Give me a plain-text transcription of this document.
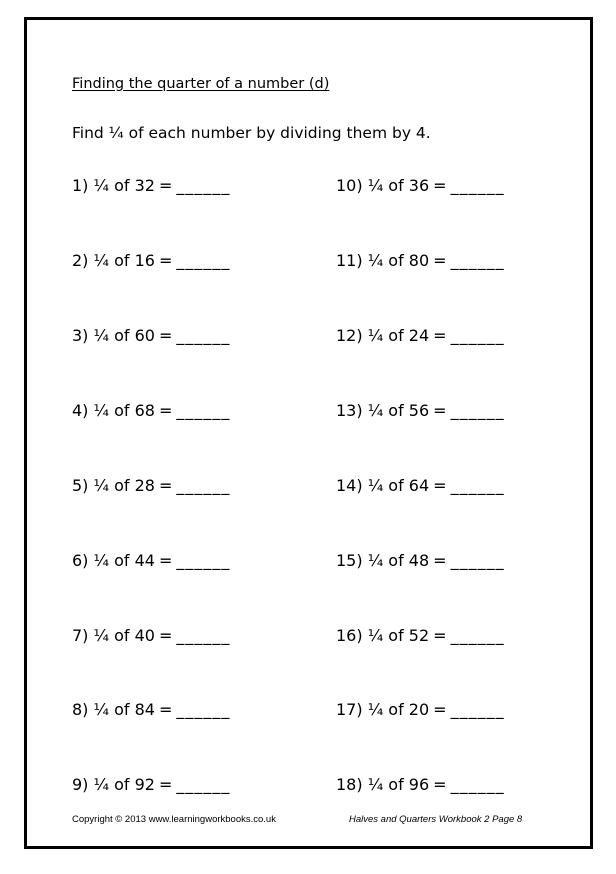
Finding the quarter of a number (d)
Find ¼ of each number by dividing them by 4.
1) ¼ of 32 = ______
2) ¼ of 16 = ______
3) ¼ of 60 = ______
4) ¼ of 68 = ______
5) ¼ of 28 = ______
6) ¼ of 44 = ______
7) ¼ of 40 = ______
8) ¼ of 84 = ______
9) ¼ of 92 = ______
10) ¼ of 36 = ______
11) ¼ of 80 = ______
12) ¼ of 24 = ______
13) ¼ of 56 = ______
14) ¼ of 64 = ______
15) ¼ of 48 = ______
16) ¼ of 52 = ______
17) ¼ of 20 = ______
18) ¼ of 96 = ______
Copyright © 2013 www.learningworkbooks.co.uk	Halves and Quarters Workbook 2 Page 8
